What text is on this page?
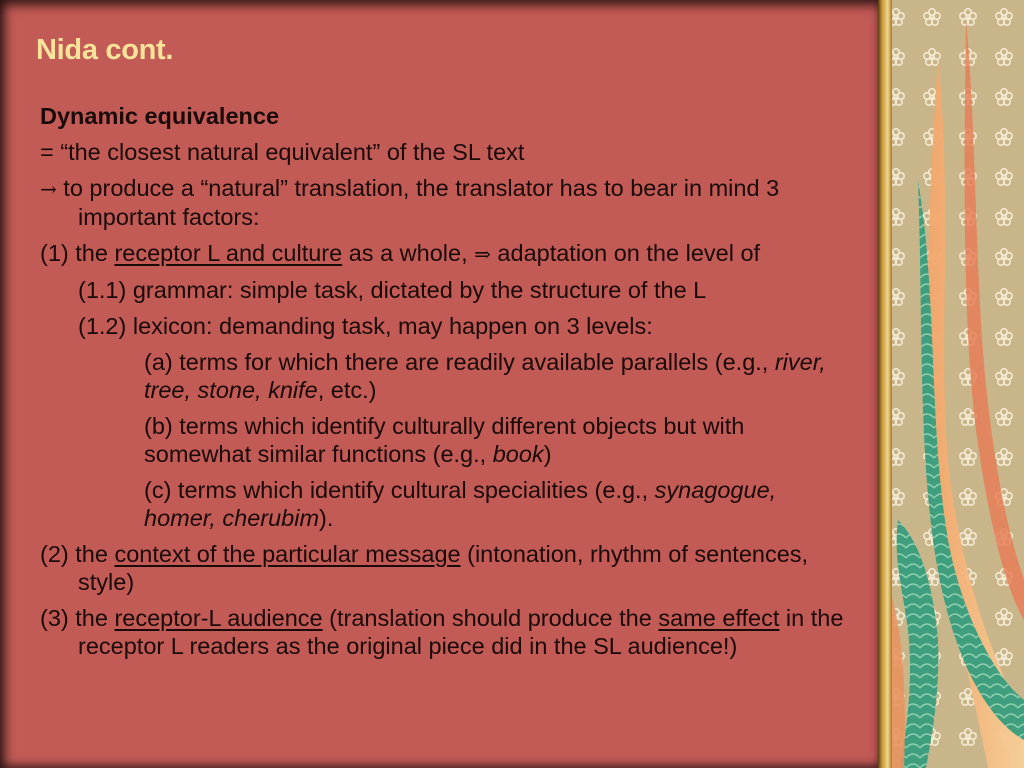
Nida cont.

Dynamic equivalence

= “the closest natural equivalent” of the SL text

→ to produce a “natural” translation, the translator has to bear in mind 3 important factors:

(1) the receptor L and culture as a whole, ⇒ adaptation on the level of

(1.1) grammar: simple task, dictated by the structure of the L

(1.2) lexicon: demanding task, may happen on 3 levels:

(a) terms for which there are readily available parallels (e.g., river, tree, stone, knife, etc.)

(b) terms which identify culturally different objects but with somewhat similar functions (e.g., book)

(c) terms which identify cultural specialities (e.g., synagogue, homer, cherubim).

(2) the context of the particular message (intonation, rhythm of sentences, style)

(3) the receptor-L audience (translation should produce the same effect in the receptor L readers as the original piece did in the SL audience!)
